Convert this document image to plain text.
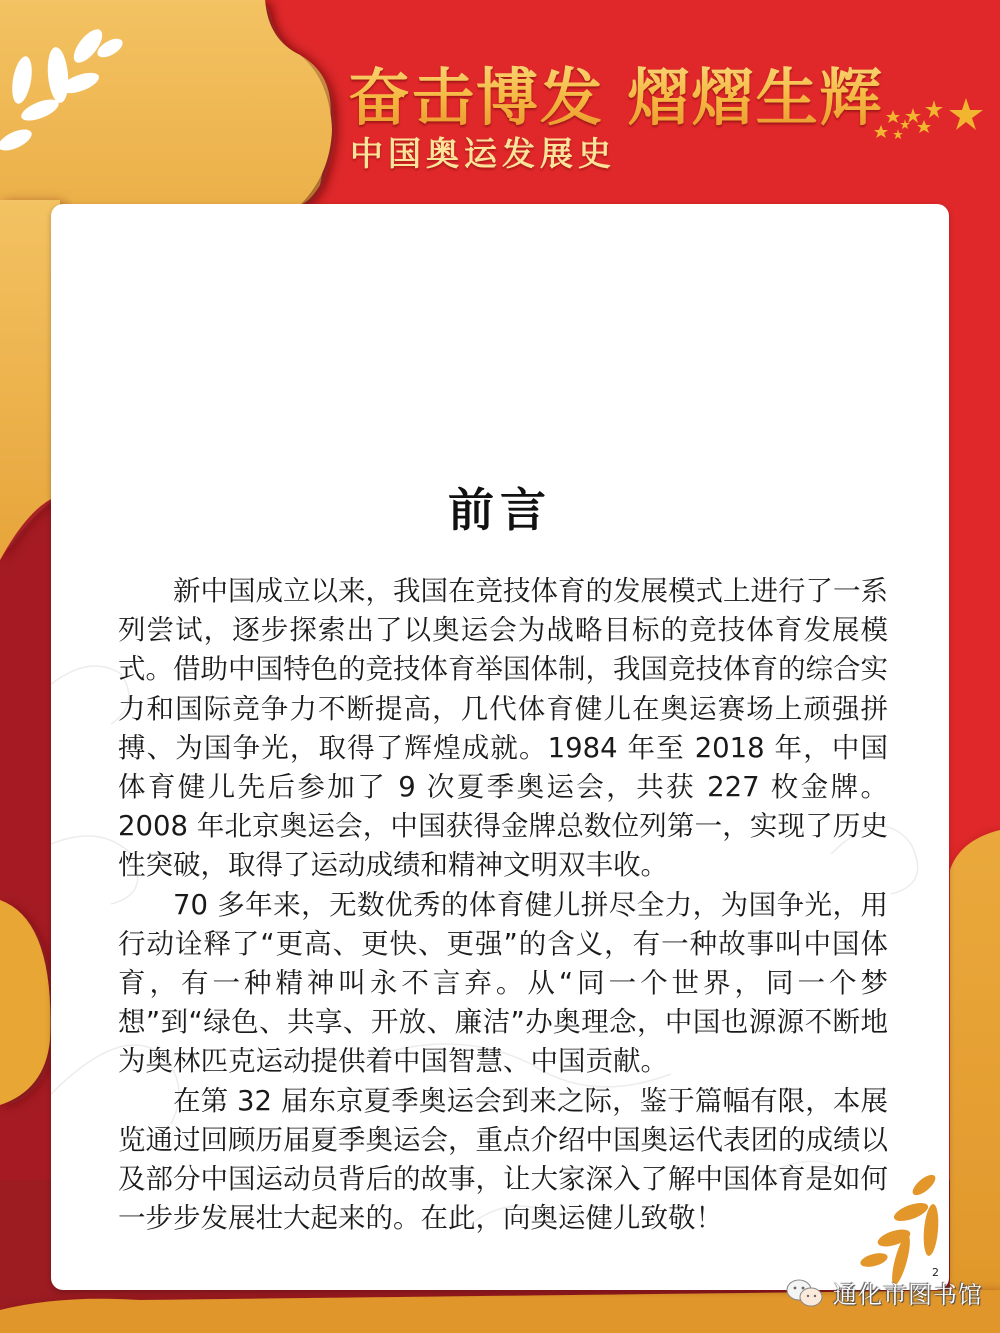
奋击博发 熠熠生辉
中国奥运发展史
前言

新中国成立以来，我国在竞技体育的发展模式上进行了一系列尝试，逐步探索出了以奥运会为战略目标的竞技体育发展模式。借助中国特色的竞技体育举国体制，我国竞技体育的综合实力和国际竞争力不断提高，几代体育健儿在奥运赛场上顽强拼搏、为国争光，取得了辉煌成就。1984 年至 2018 年，中国体育健儿先后参加了 9 次夏季奥运会，共获 227 枚金牌。2008 年北京奥运会，中国获得金牌总数位列第一，实现了历史性突破，取得了运动成绩和精神文明双丰收。

70 多年来，无数优秀的体育健儿拼尽全力，为国争光，用行动诠释了“更高、更快、更强”的含义，有一种故事叫中国体育，有一种精神叫永不言弃。从“同一个世界，同一个梦想”到“绿色、共享、开放、廉洁”办奥理念，中国也源源不断地为奥林匹克运动提供着中国智慧、中国贡献。

在第 32 届东京夏季奥运会到来之际，鉴于篇幅有限，本展览通过回顾历届夏季奥运会，重点介绍中国奥运代表团的成绩以及部分中国运动员背后的故事，让大家深入了解中国体育是如何一步步发展壮大起来的。在此，向奥运健儿致敬！

2
通化市图书馆
